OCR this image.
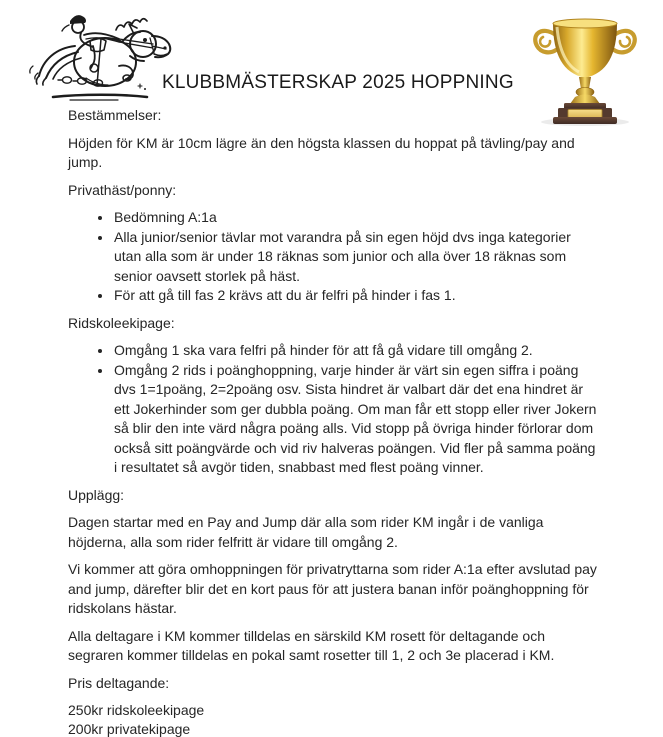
KLUBBMÄSTERSKAP 2025 HOPPNING

Bestämmelser:

Höjden för KM är 10cm lägre än den högsta klassen du hoppat på tävling/pay and jump.

Privathäst/ponny:

• Bedömning A:1a
• Alla junior/senior tävlar mot varandra på sin egen höjd dvs inga kategorier utan alla som är under 18 räknas som junior och alla över 18 räknas som senior oavsett storlek på häst.
• För att gå till fas 2 krävs att du är felfri på hinder i fas 1.

Ridskoleekipage:

• Omgång 1 ska vara felfri på hinder för att få gå vidare till omgång 2.
• Omgång 2 rids i poänghoppning, varje hinder är värt sin egen siffra i poäng dvs 1=1poäng, 2=2poäng osv. Sista hindret är valbart där det ena hindret är ett Jokerhinder som ger dubbla poäng. Om man får ett stopp eller river Jokern så blir den inte värd några poäng alls. Vid stopp på övriga hinder förlorar dom också sitt poängvärde och vid riv halveras poängen. Vid fler på samma poäng i resultatet så avgör tiden, snabbast med flest poäng vinner.

Upplägg:

Dagen startar med en Pay and Jump där alla som rider KM ingår i de vanliga höjderna, alla som rider felfritt är vidare till omgång 2.

Vi kommer att göra omhoppningen för privatryttarna som rider A:1a efter avslutad pay and jump, därefter blir det en kort paus för att justera banan inför poänghoppning för ridskolans hästar.

Alla deltagare i KM kommer tilldelas en särskild KM rosett för deltagande och segraren kommer tilldelas en pokal samt rosetter till 1, 2 och 3e placerad i KM.

Pris deltagande:

250kr ridskoleekipage
200kr privatekipage
